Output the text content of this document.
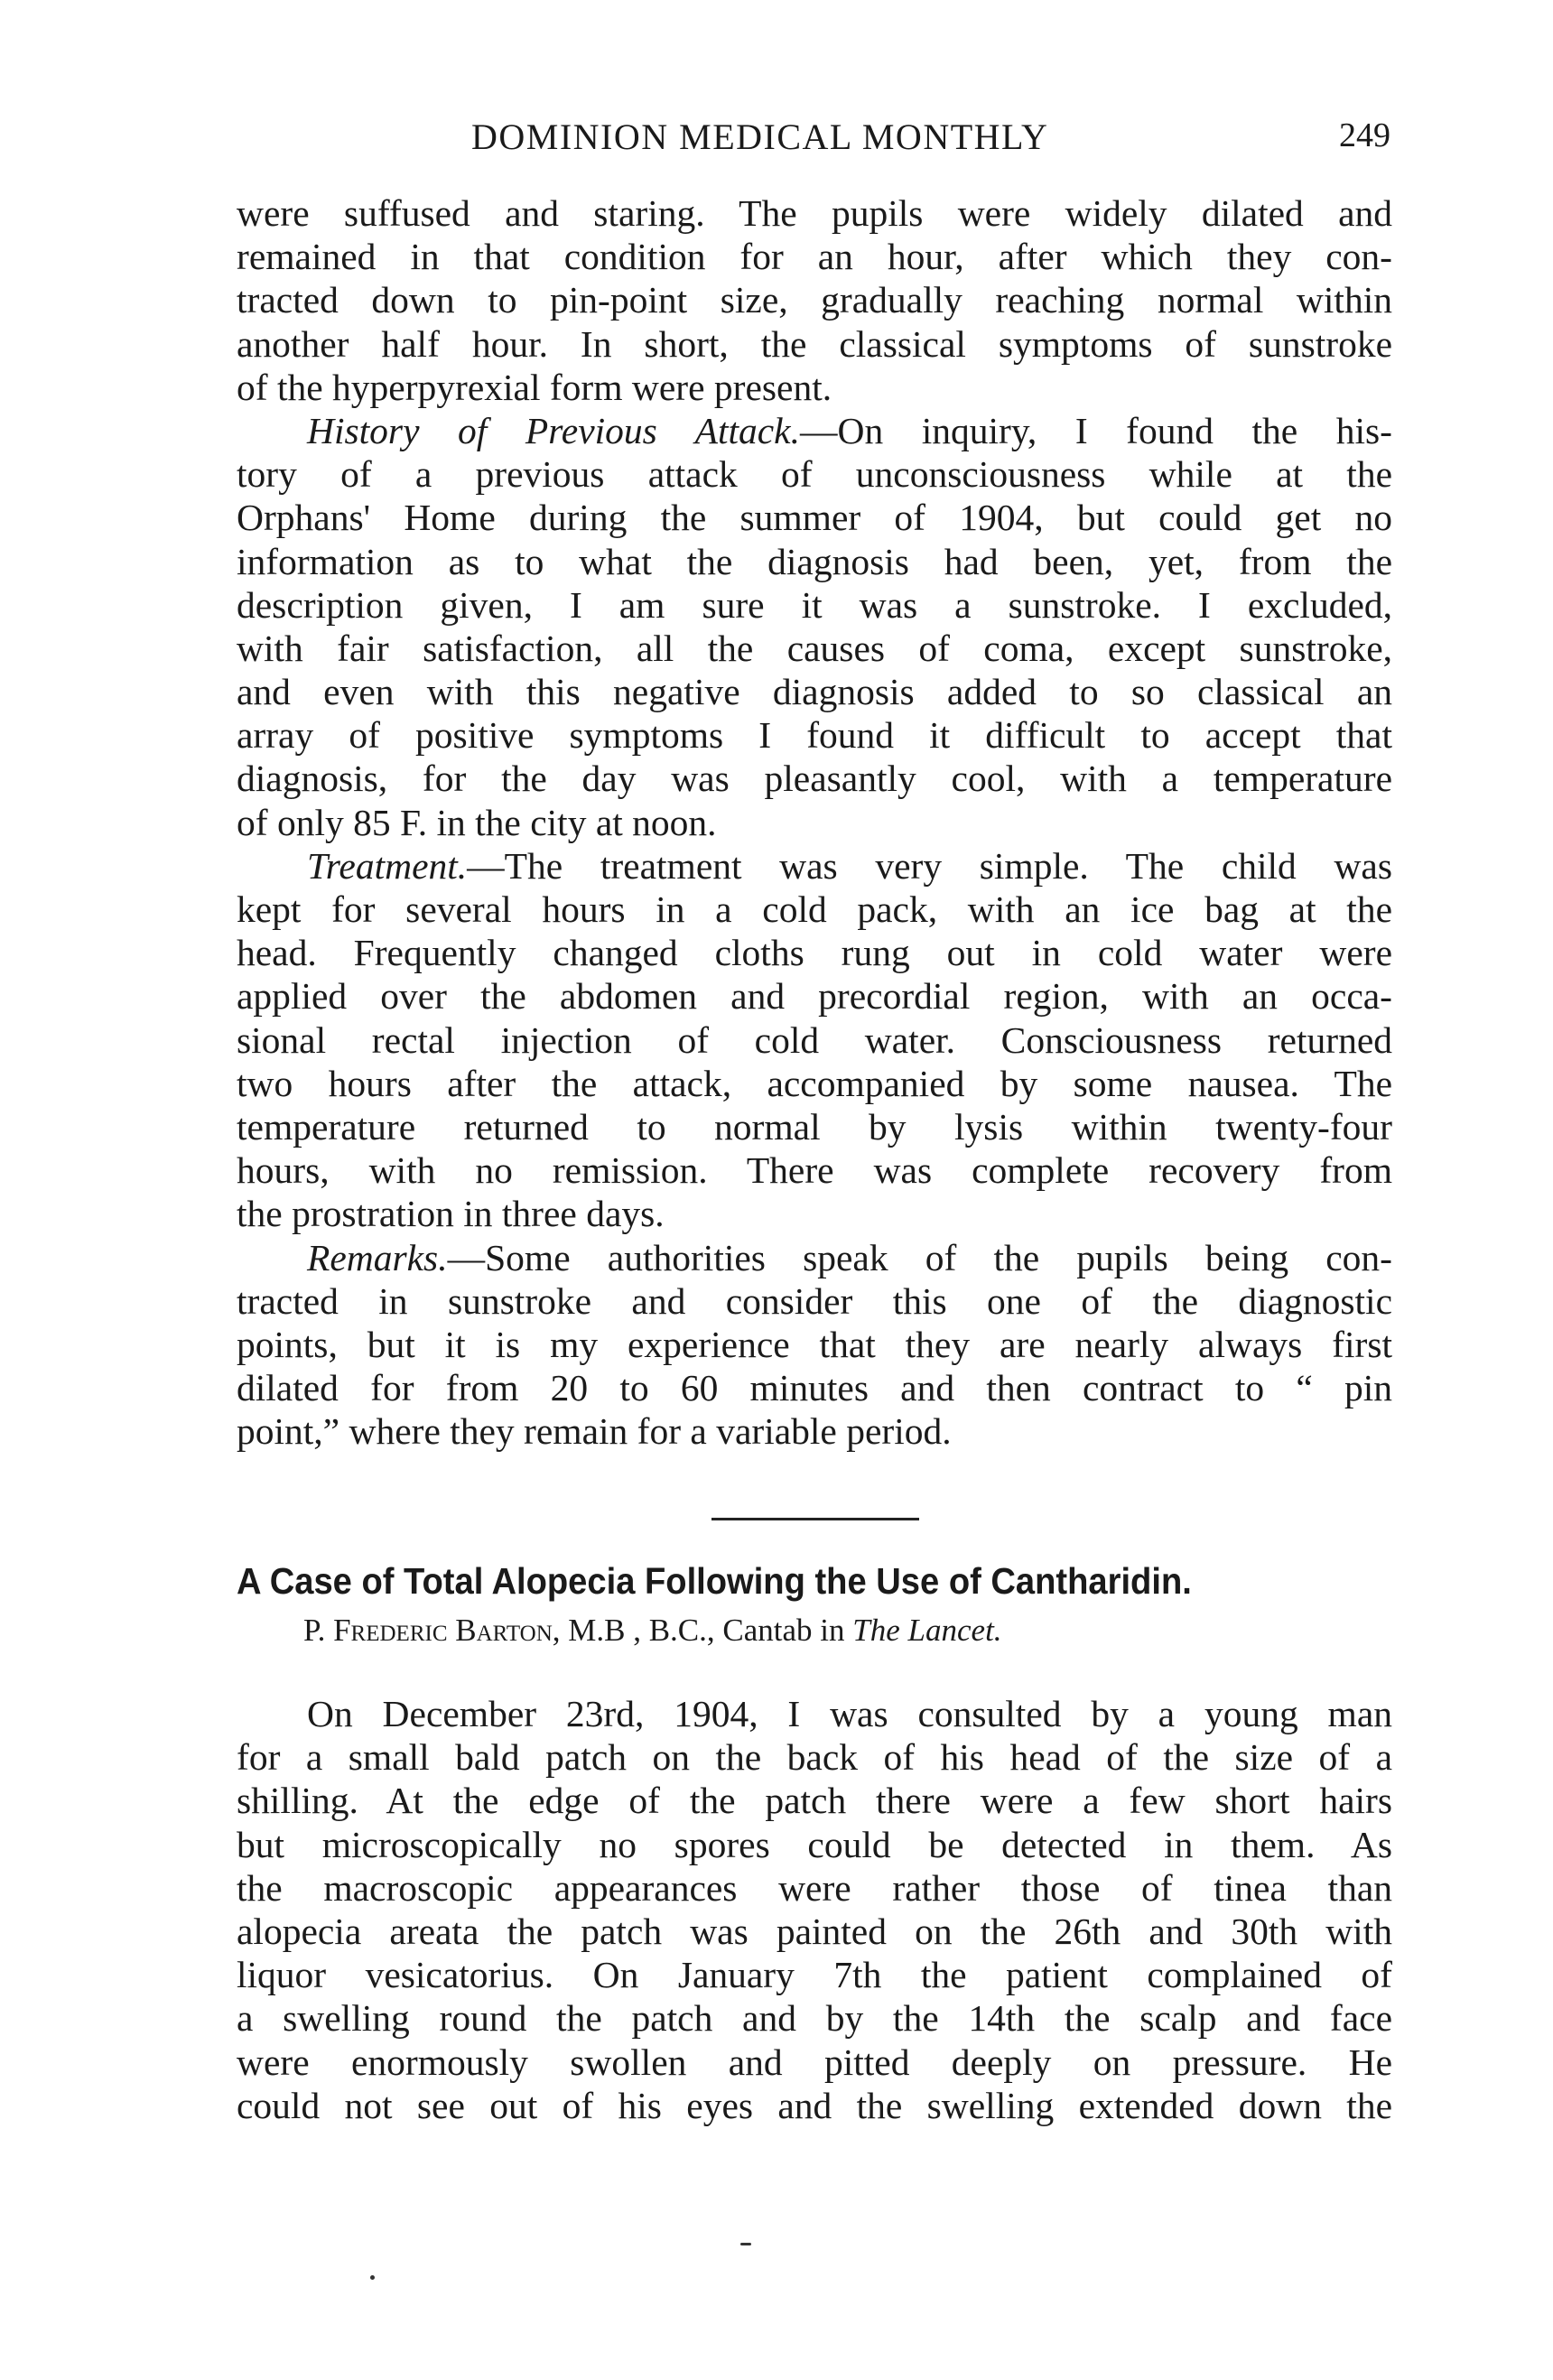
DOMINION MEDICAL MONTHLY	249
were suffused and staring. The pupils were widely dilated and
remained in that condition for an hour, after which they con-
tracted down to pin-point size, gradually reaching normal within
another half hour. In short, the classical symptoms of sunstroke
of the hyperpyrexial form were present.
History of Previous Attack.—On inquiry, I found the his-
tory of a previous attack of unconsciousness while at the
Orphans' Home during the summer of 1904, but could get no
information as to what the diagnosis had been, yet, from the
description given, I am sure it was a sunstroke. I excluded,
with fair satisfaction, all the causes of coma, except sunstroke,
and even with this negative diagnosis added to so classical an
array of positive symptoms I found it difficult to accept that
diagnosis, for the day was pleasantly cool, with a temperature
of only 85 F. in the city at noon.
Treatment.—The treatment was very simple. The child was
kept for several hours in a cold pack, with an ice bag at the
head. Frequently changed cloths rung out in cold water were
applied over the abdomen and precordial region, with an occa-
sional rectal injection of cold water. Consciousness returned
two hours after the attack, accompanied by some nausea. The
temperature returned to normal by lysis within twenty-four
hours, with no remission. There was complete recovery from
the prostration in three days.
Remarks.—Some authorities speak of the pupils being con-
tracted in sunstroke and consider this one of the diagnostic
points, but it is my experience that they are nearly always first
dilated for from 20 to 60 minutes and then contract to “ pin
point,” where they remain for a variable period.
A Case of Total Alopecia Following the Use of Cantharidin.
P. Frederic Barton, M.B , B.C., Cantab in The Lancet.
On December 23rd, 1904, I was consulted by a young man
for a small bald patch on the back of his head of the size of a
shilling. At the edge of the patch there were a few short hairs
but microscopically no spores could be detected in them. As
the macroscopic appearances were rather those of tinea than
alopecia areata the patch was painted on the 26th and 30th with
liquor vesicatorius. On January 7th the patient complained of
a swelling round the patch and by the 14th the scalp and face
were enormously swollen and pitted deeply on pressure. He
could not see out of his eyes and the swelling extended down the
